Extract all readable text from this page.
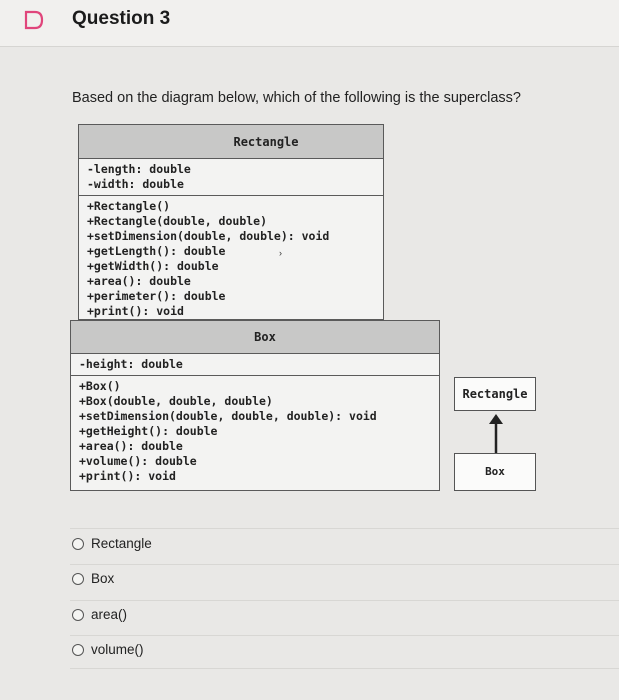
Question 3
Based on the diagram below, which of the following is the superclass?
Rectangle
-length: double
-width: double
+Rectangle()
+Rectangle(double, double)
+setDimension(double, double): void
+getLength(): double
+getWidth(): double
+area(): double
+perimeter(): double
+print(): void
›
Box
-height: double
+Box()
+Box(double, double, double)
+setDimension(double, double, double): void
+getHeight(): double
+area(): double
+volume(): double
+print(): void
Rectangle
Box
Rectangle
Box
area()
volume()
